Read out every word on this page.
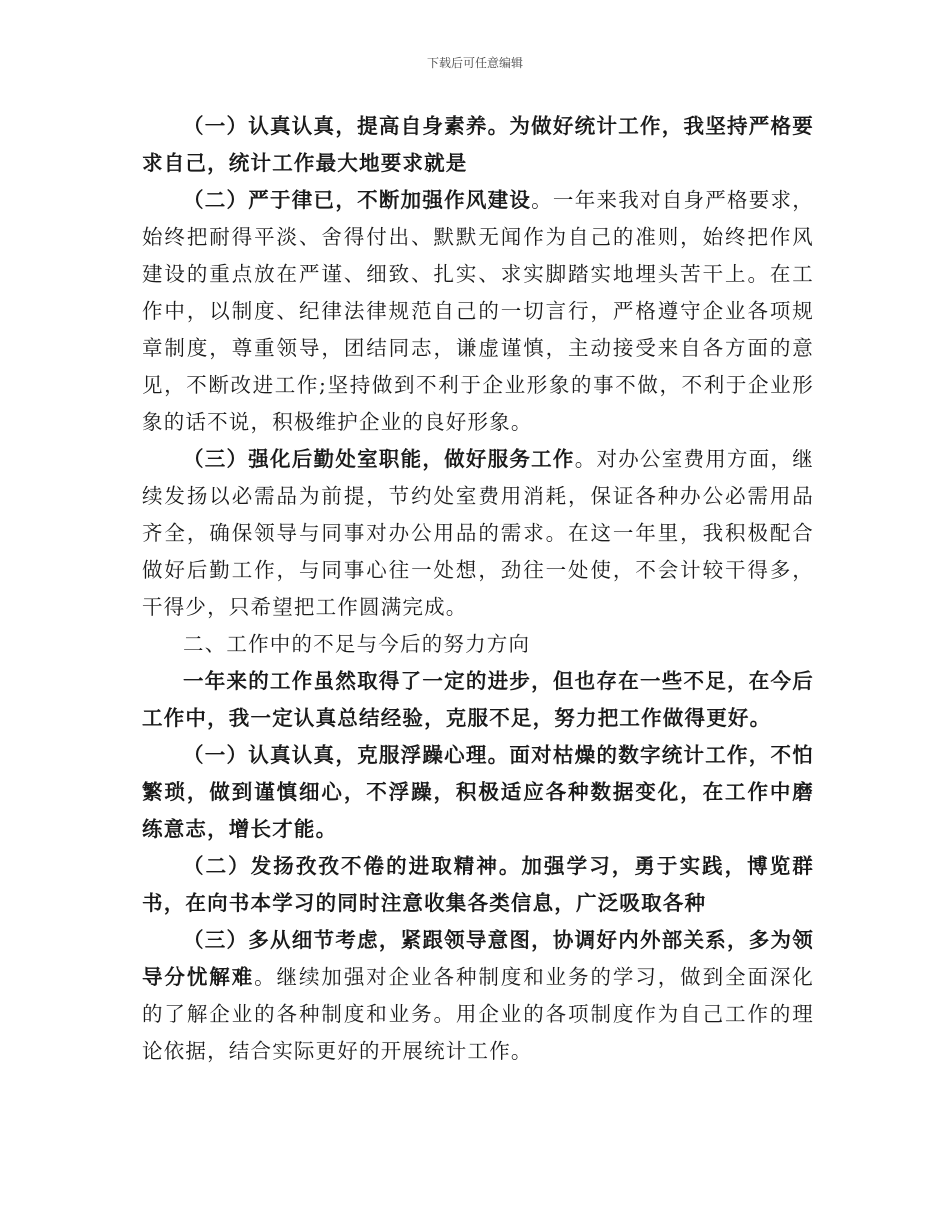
下载后可任意编辑

（一）认真认真，提高自身素养。为做好统计工作，我坚持严格要求自己，统计工作最大地要求就是

（二）严于律已，不断加强作风建设。一年来我对自身严格要求，始终把耐得平淡、舍得付出、默默无闻作为自己的准则，始终把作风建设的重点放在严谨、细致、扎实、求实脚踏实地埋头苦干上。在工作中，以制度、纪律法律规范自己的一切言行，严格遵守企业各项规章制度，尊重领导，团结同志，谦虚谨慎，主动接受来自各方面的意见，不断改进工作;坚持做到不利于企业形象的事不做，不利于企业形象的话不说，积极维护企业的良好形象。

（三）强化后勤处室职能，做好服务工作。对办公室费用方面，继续发扬以必需品为前提，节约处室费用消耗，保证各种办公必需用品齐全，确保领导与同事对办公用品的需求。在这一年里，我积极配合做好后勤工作，与同事心往一处想，劲往一处使，不会计较干得多，干得少，只希望把工作圆满完成。

二、工作中的不足与今后的努力方向

一年来的工作虽然取得了一定的进步，但也存在一些不足，在今后工作中，我一定认真总结经验，克服不足，努力把工作做得更好。

（一）认真认真，克服浮躁心理。面对枯燥的数字统计工作，不怕繁琐，做到谨慎细心，不浮躁，积极适应各种数据变化，在工作中磨练意志，增长才能。

（二）发扬孜孜不倦的进取精神。加强学习，勇于实践，博览群书，在向书本学习的同时注意收集各类信息，广泛吸取各种

（三）多从细节考虑，紧跟领导意图，协调好内外部关系，多为领导分忧解难。继续加强对企业各种制度和业务的学习，做到全面深化的了解企业的各种制度和业务。用企业的各项制度作为自己工作的理论依据，结合实际更好的开展统计工作。
